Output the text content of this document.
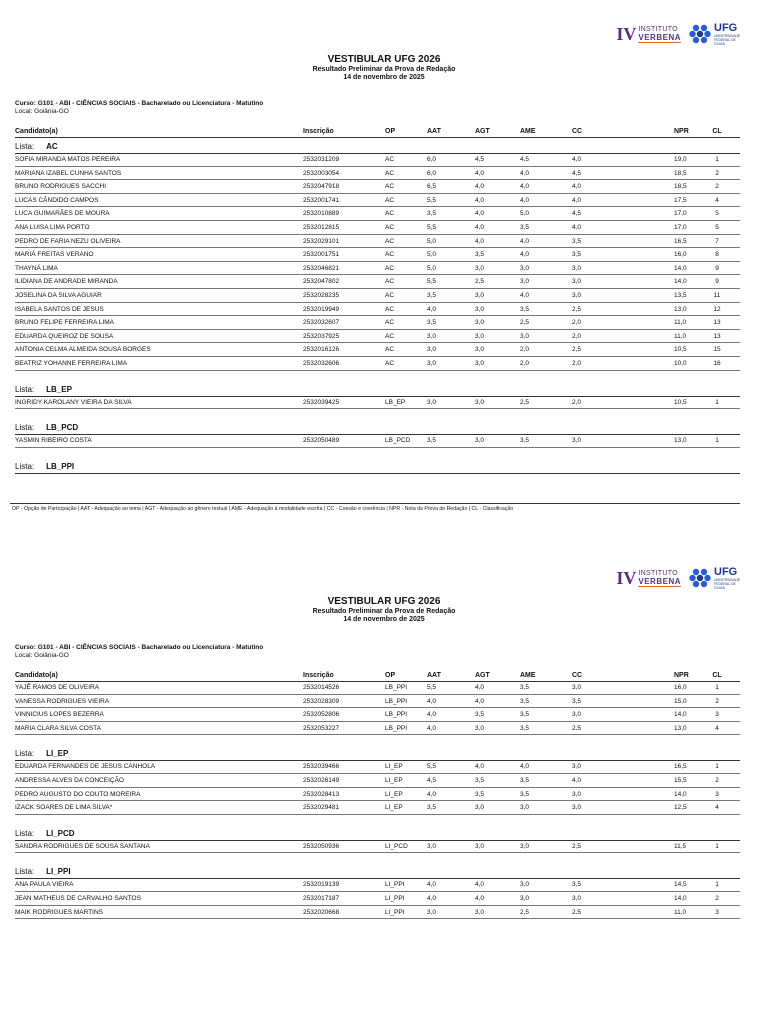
IV INSTITUTO
VERBENA
UFG
UNIVERSIDADE FEDERAL DE GOIÁS
VESTIBULAR UFG 2026
Resultado Preliminar da Prova de Redação
14 de novembro de 2025
Curso: G101 - ABI - CIÊNCIAS SOCIAIS - Bacharelado ou Licenciatura - Matutino
Local: Goiânia-GO
Candidato(a)	Inscrição	OP	AAT	AGT	AME	CC	NPR	CL
Lista: AC
SOFIA MIRANDA MATOS PEREIRA	2532031209	AC	6,0	4,5	4,5	4,0	19,0	1
MARIANA IZABEL CUNHA SANTOS	2532003054	AC	6,0	4,0	4,0	4,5	18,5	2
BRUNO RODRIGUES SACCHI	2532047918	AC	6,5	4,0	4,0	4,0	18,5	2
LUCAS CÂNDIDO CAMPOS	2532001741	AC	5,5	4,0	4,0	4,0	17,5	4
LUCA GUIMARÃES DE MOURA	2532010889	AC	3,5	4,0	5,0	4,5	17,0	5
ANA LUISA LIMA PORTO	2532012815	AC	5,5	4,0	3,5	4,0	17,0	5
PEDRO DE FARIA NEZU OLIVEIRA	2532029101	AC	5,0	4,0	4,0	3,5	16,5	7
MARIÁ FREITAS VERANO	2532001751	AC	5,0	3,5	4,0	3,5	16,0	8
THAYNÁ LIMA	2532046821	AC	5,0	3,0	3,0	3,0	14,0	9
ILIDIANA DE ANDRADE MIRANDA	2532047802	AC	5,5	2,5	3,0	3,0	14,0	9
JOSELINA DA SILVA AGUIAR	2532028235	AC	3,5	3,0	4,0	3,0	13,5	11
ISABELA SANTOS DE JESUS	2532019949	AC	4,0	3,0	3,5	2,5	13,0	12
BRUNO FELIPE FERREIRA LIMA	2532032607	AC	3,5	3,0	2,5	2,0	11,0	13
EDUARDA QUEIROZ DE SOUSA	2532037925	AC	3,0	3,0	3,0	2,0	11,0	13
ANTONIA CELMA ALMEIDA SOUSA BORGES	2532016126	AC	3,0	3,0	2,0	2,5	10,5	15
BEATRIZ YOHANNE FERREIRA LIMA	2532032606	AC	3,0	3,0	2,0	2,0	10,0	16
Lista: LB_EP
INGRIDY KAROLANY VIEIRA DA SILVA	2532039425	LB_EP	3,0	3,0	2,5	2,0	10,5	1
Lista: LB_PCD
YASMIN RIBEIRO COSTA	2532050489	LB_PCD	3,5	3,0	3,5	3,0	13,0	1
Lista: LB_PPI
OP - Opção de Participação | AAT - Adequação ao tema | AGT - Adequação ao gênero textual | AME - Adequação à modalidade escrita | CC - Coesão e coerência | NPR - Nota da Prova de Redação | CL - Classificação
IV INSTITUTO
VERBENA
UFG
UNIVERSIDADE FEDERAL DE GOIÁS
VESTIBULAR UFG 2026
Resultado Preliminar da Prova de Redação
14 de novembro de 2025
Curso: G101 - ABI - CIÊNCIAS SOCIAIS - Bacharelado ou Licenciatura - Matutino
Local: Goiânia-GO
Candidato(a)	Inscrição	OP	AAT	AGT	AME	CC	NPR	CL
YAJÊ RAMOS DE OLIVEIRA	2532014526	LB_PPI	5,5	4,0	3,5	3,0	16,0	1
VANESSA RODRIGUES VIEIRA	2532028309	LB_PPI	4,0	4,0	3,5	3,5	15,0	2
VINNICIUS LOPES BEZERRA	2532052806	LB_PPI	4,0	3,5	3,5	3,0	14,0	3
MARIA CLARA SILVA COSTA	2532053227	LB_PPI	4,0	3,0	3,5	2,5	13,0	4
Lista: LI_EP
EDUARDA FERNANDES DE JESUS CANHOLA	2532039466	LI_EP	5,5	4,0	4,0	3,0	16,5	1
ANDRESSA ALVES DA CONCEIÇÃO	2532026149	LI_EP	4,5	3,5	3,5	4,0	15,5	2
PEDRO AUGUSTO DO COUTO MOREIRA	2532028413	LI_EP	4,0	3,5	3,5	3,0	14,0	3
IZACK SOARES DE LIMA SILVA*	2532029481	LI_EP	3,5	3,0	3,0	3,0	12,5	4
Lista: LI_PCD
SANDRA RODRIGUES DE SOUSA SANTANA	2532050936	LI_PCD	3,0	3,0	3,0	2,5	11,5	1
Lista: LI_PPI
ANA PAULA VIEIRA	2532019139	LI_PPI	4,0	4,0	3,0	3,5	14,5	1
JEAN MATHEUS DE CARVALHO SANTOS	2532017187	LI_PPI	4,0	4,0	3,0	3,0	14,0	2
MAIK RODRIGUES MARTINS	2532020668	LI_PPI	3,0	3,0	2,5	2,5	11,0	3
